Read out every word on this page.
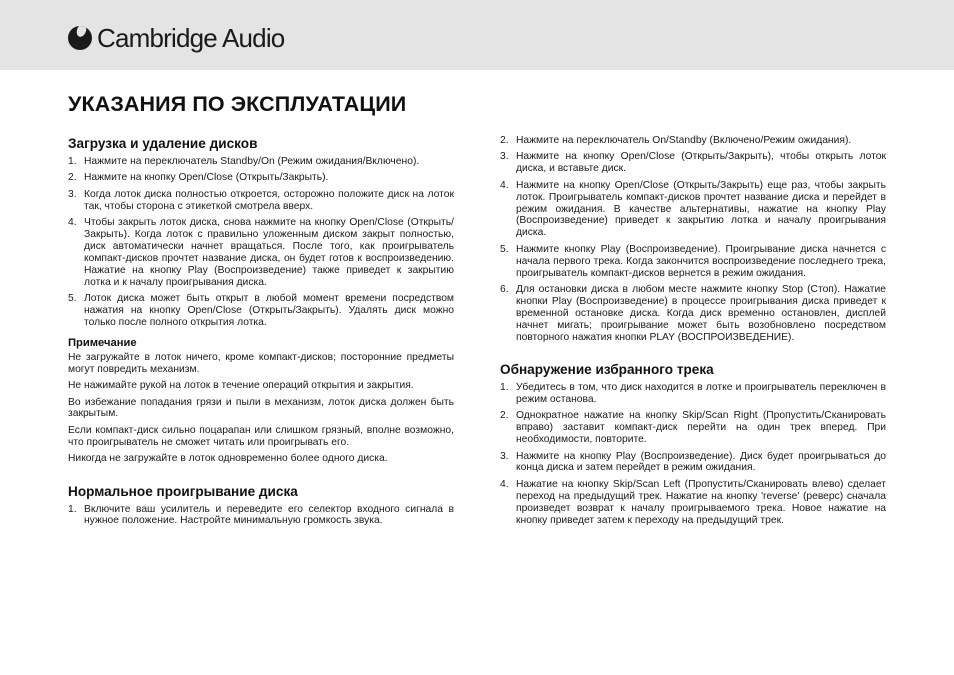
Cambridge Audio
УКАЗАНИЯ ПО ЭКСПЛУАТАЦИИ
Загрузка и удаление дисков
1. Нажмите на переключатель Standby/On (Режим ожидания/Включено).
2. Нажмите на кнопку Open/Close (Открыть/Закрыть).
3. Когда лоток диска полностью откроется, осторожно положите диск на лоток так, чтобы сторона с этикеткой смотрела вверх.
4. Чтобы закрыть лоток диска, снова нажмите на кнопку Open/Close (Открыть/Закрыть). Когда лоток с правильно уложенным диском закрыт полностью, диск автоматически начнет вращаться. После того, как проигрыватель компакт-дисков прочтет название диска, он будет готов к воспроизведению. Нажатие на кнопку Play (Воспроизведение) также приведет к закрытию лотка и к началу проигрывания диска.
5. Лоток диска может быть открыт в любой момент времени посредством нажатия на кнопку Open/Close (Открыть/Закрыть). Удалять диск можно только после полного открытия лотка.
Примечание

Не загружайте в лоток ничего, кроме компакт-дисков; посторонние предметы могут повредить механизм.

Не нажимайте рукой на лоток в течение операций открытия и закрытия.

Во избежание попадания грязи и пыли в механизм, лоток диска должен быть закрытым.

Если компакт-диск сильно поцарапан или слишком грязный, вполне возможно, что проигрыватель не сможет читать или проигрывать его.

Никогда не загружайте в лоток одновременно более одного диска.

Нормальное проигрывание диска
1. Включите ваш усилитель и переведите его селектор входного сигнала в нужное положение. Настройте минимальную громкость звука.
2. Нажмите на переключатель On/Standby (Включено/Режим ожидания).
3. Нажмите на кнопку Open/Close (Открыть/Закрыть), чтобы открыть лоток диска, и вставьте диск.
4. Нажмите на кнопку Open/Close (Открыть/Закрыть) еще раз, чтобы закрыть лоток. Проигрыватель компакт-дисков прочтет название диска и перейдет в режим ожидания. В качестве альтернативы, нажатие на кнопку Play (Воспроизведение) приведет к закрытию лотка и началу проигрывания диска.
5. Нажмите кнопку Play (Воспроизведение). Проигрывание диска начнется с начала первого трека. Когда закончится воспроизведение последнего трека, проигрыватель компакт-дисков вернется в режим ожидания.
6. Для остановки диска в любом месте нажмите кнопку Stop (Стоп). Нажатие кнопки Play (Воспроизведение) в процессе проигрывания диска приведет к временной остановке диска. Когда диск временно остановлен, дисплей начнет мигать; проигрывание может быть возобновлено посредством повторного нажатия кнопки PLAY (ВОСПРОИЗВЕДЕНИЕ).
Обнаружение избранного трека
1. Убедитесь в том, что диск находится в лотке и проигрыватель переключен в режим останова.
2. Однократное нажатие на кнопку Skip/Scan Right (Пропустить/Сканировать вправо) заставит компакт-диск перейти на один трек вперед. При необходимости, повторите.
3. Нажмите на кнопку Play (Воспроизведение). Диск будет проигрываться до конца диска и затем перейдет в режим ожидания.
4. Нажатие на кнопку Skip/Scan Left (Пропустить/Сканировать влево) сделает переход на предыдущий трек. Нажатие на кнопку 'reverse' (реверс) сначала произведет возврат к началу проигрываемого трека. Новое нажатие на кнопку приведет затем к переходу на предыдущий трек.
